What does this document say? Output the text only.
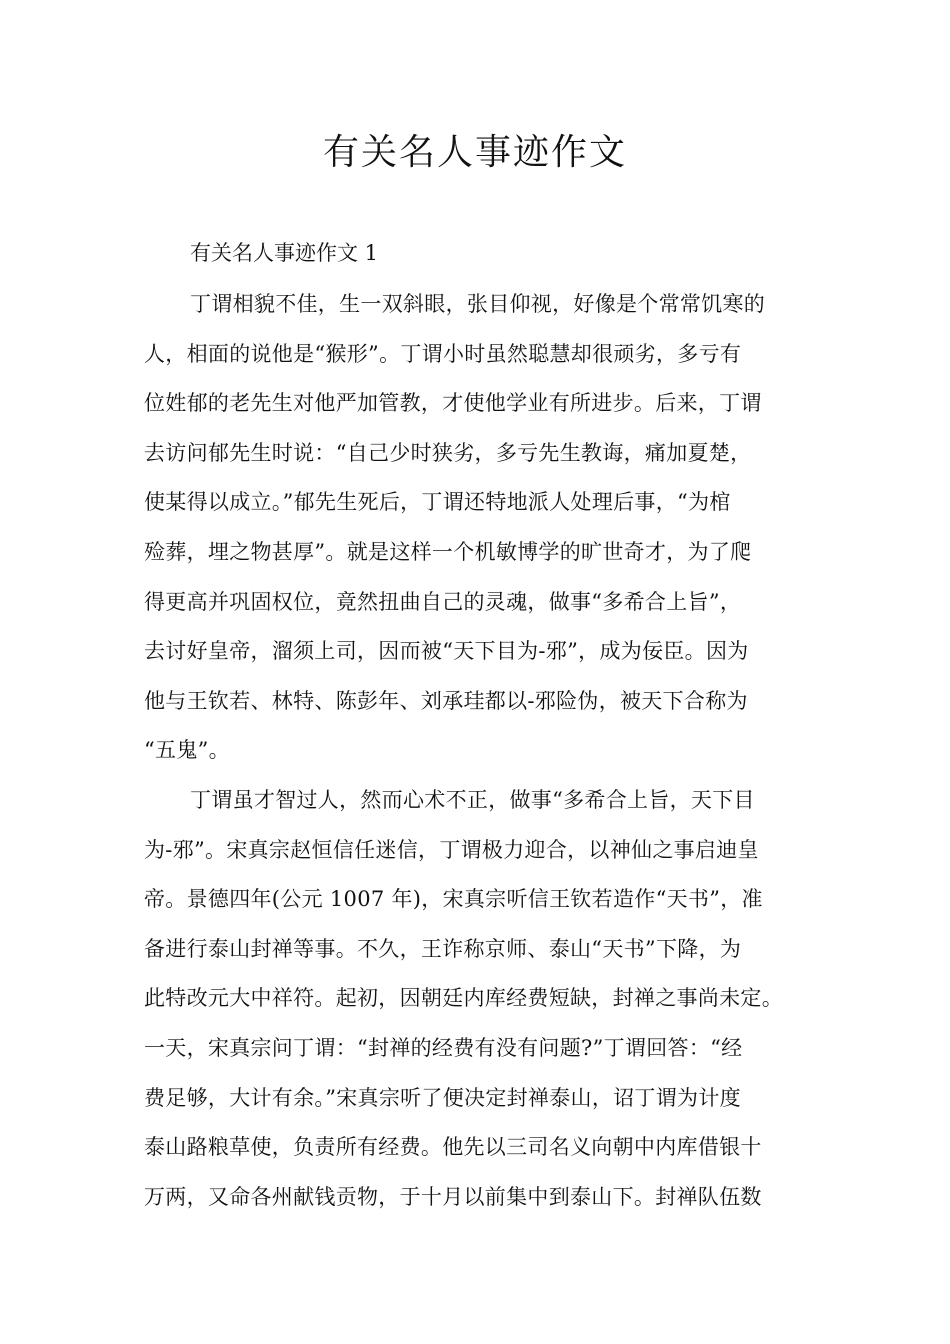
有关名人事迹作文
有关名人事迹作文 1
丁谓相貌不佳，生一双斜眼，张目仰视，好像是个常常饥寒的
人，相面的说他是“猴形”。丁谓小时虽然聪慧却很顽劣，多亏有
位姓郁的老先生对他严加管教，才使他学业有所进步。后来，丁谓
去访问郁先生时说：“自己少时狭劣，多亏先生教诲，痛加夏楚，
使某得以成立。”郁先生死后，丁谓还特地派人处理后事，“为棺
殓葬，埋之物甚厚”。就是这样一个机敏博学的旷世奇才，为了爬
得更高并巩固权位，竟然扭曲自己的灵魂，做事“多希合上旨”，
去讨好皇帝，溜须上司，因而被“天下目为-邪”，成为佞臣。因为
他与王钦若、林特、陈彭年、刘承珪都以-邪险伪，被天下合称为
“五鬼”。
丁谓虽才智过人，然而心术不正，做事“多希合上旨，天下目
为-邪”。宋真宗赵恒信任迷信，丁谓极力迎合，以神仙之事启迪皇
帝。景德四年(公元 1007 年)，宋真宗听信王钦若造作“天书”，准
备进行泰山封禅等事。不久，王诈称京师、泰山“天书”下降，为
此特改元大中祥符。起初，因朝廷内库经费短缺，封禅之事尚未定。
一天，宋真宗问丁谓：“封禅的经费有没有问题?”丁谓回答：“经
费足够，大计有余。”宋真宗听了便决定封禅泰山，诏丁谓为计度
泰山路粮草使，负责所有经费。他先以三司名义向朝中内库借银十
万两，又命各州献钱贡物，于十月以前集中到泰山下。封禅队伍数
